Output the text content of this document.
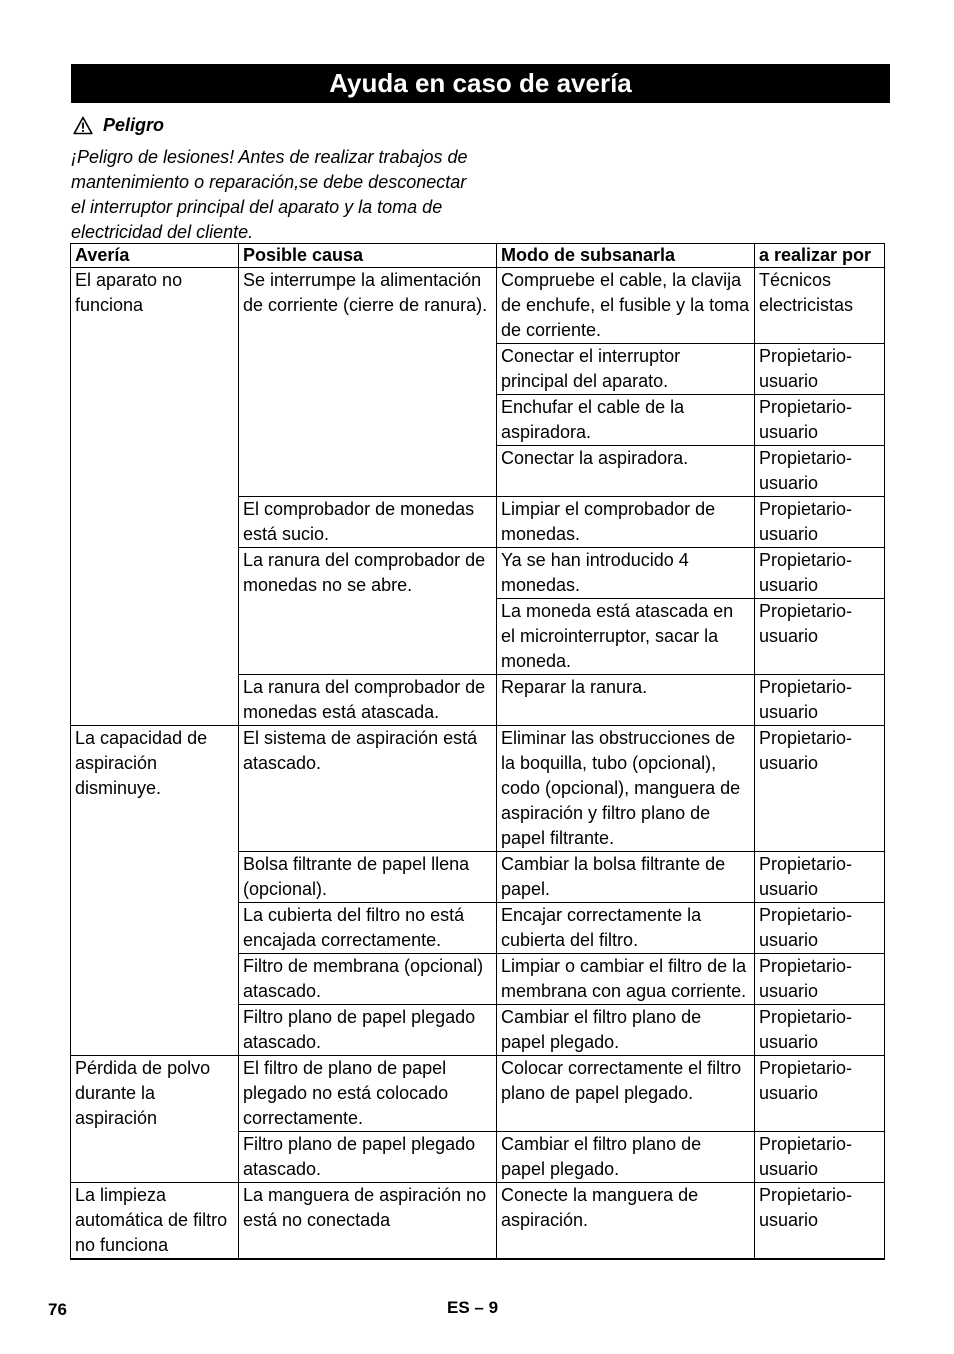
Ayuda en caso de avería
Peligro
¡Peligro de lesiones! Antes de realizar trabajos de mantenimiento o reparación,se debe desconectar el interruptor principal del aparato y la toma de electricidad del cliente.
Avería	Posible causa	Modo de subsanarla	a realizar por
El aparato no funciona	Se interrumpe la alimentación de corriente (cierre de ranura).	Compruebe el cable, la clavija de enchufe, el fusible y la toma de corriente.	Técnicos electricistas
		Conectar el interruptor principal del aparato.	Propietario-usuario
		Enchufar el cable de la aspiradora.	Propietario-usuario
		Conectar la aspiradora.	Propietario-usuario
	El comprobador de monedas está sucio.	Limpiar el comprobador de monedas.	Propietario-usuario
	La ranura del comprobador de monedas no se abre.	Ya se han introducido 4 monedas.	Propietario-usuario
		La moneda está atascada en el microinterruptor, sacar la moneda.	Propietario-usuario
	La ranura del comprobador de monedas está atascada.	Reparar la ranura.	Propietario-usuario
La capacidad de aspiración disminuye.	El sistema de aspiración está atascado.	Eliminar las obstrucciones de la boquilla, tubo (opcional), codo (opcional), manguera de aspiración y filtro plano de papel filtrante.	Propietario-usuario
	Bolsa filtrante de papel llena (opcional).	Cambiar la bolsa filtrante de papel.	Propietario-usuario
	La cubierta del filtro no está encajada correctamente.	Encajar correctamente la cubierta del filtro.	Propietario-usuario
	Filtro de membrana (opcional) atascado.	Limpiar o cambiar el filtro de la membrana con agua corriente.	Propietario-usuario
	Filtro plano de papel plegado atascado.	Cambiar el filtro plano de papel plegado.	Propietario-usuario
Pérdida de polvo durante la aspiración	El filtro de plano de papel plegado no está colocado correctamente.	Colocar correctamente el filtro plano de papel plegado.	Propietario-usuario
	Filtro plano de papel plegado atascado.	Cambiar el filtro plano de papel plegado.	Propietario-usuario
La limpieza automática de filtro no funciona	La manguera de aspiración no está no conectada	Conecte la manguera de aspiración.	Propietario-usuario
76	ES – 9
